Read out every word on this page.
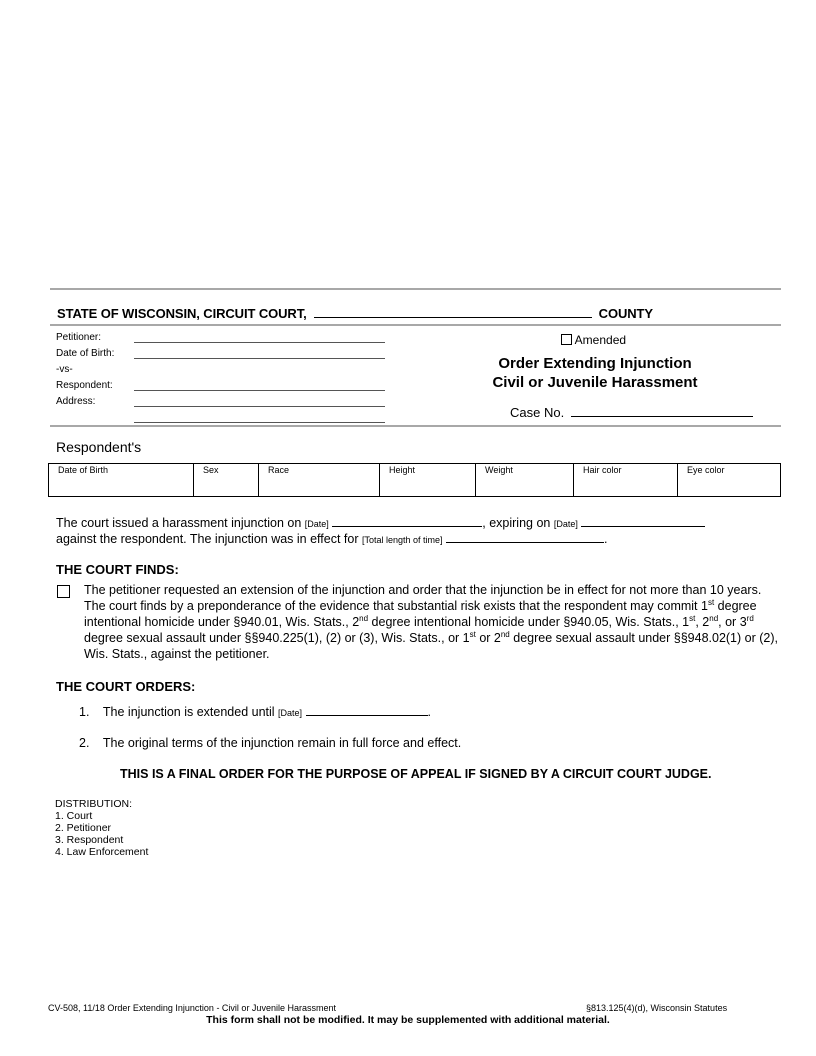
STATE OF WISCONSIN, CIRCUIT COURT,	COUNTY
Petitioner:
Date of Birth:
-vs-
Respondent:
Address:
Amended
Order Extending Injunction
Civil or Juvenile Harassment
Case No.
Respondent's
Date of Birth	Sex	Race	Height	Weight	Hair color	Eye color
The court issued a harassment injunction on [Date]	, expiring on [Date]
against the respondent. The injunction was in effect for [Total length of time]	.
THE COURT FINDS:
The petitioner requested an extension of the injunction and order that the injunction be in effect for not more than 10 years. The court finds by a preponderance of the evidence that substantial risk exists that the respondent may commit 1st degree intentional homicide under §940.01, Wis. Stats., 2nd degree intentional homicide under §940.05, Wis. Stats., 1st, 2nd, or 3rd degree sexual assault under §§940.225(1), (2) or (3), Wis. Stats., or 1st or 2nd degree sexual assault under §§948.02(1) or (2), Wis. Stats., against the petitioner.
THE COURT ORDERS:
1. The injunction is extended until [Date]	.
2. The original terms of the injunction remain in full force and effect.
THIS IS A FINAL ORDER FOR THE PURPOSE OF APPEAL IF SIGNED BY A CIRCUIT COURT JUDGE.
DISTRIBUTION:
1. Court
2. Petitioner
3. Respondent
4. Law Enforcement
CV-508, 11/18 Order Extending Injunction - Civil or Juvenile Harassment	§813.125(4)(d), Wisconsin Statutes
This form shall not be modified. It may be supplemented with additional material.
